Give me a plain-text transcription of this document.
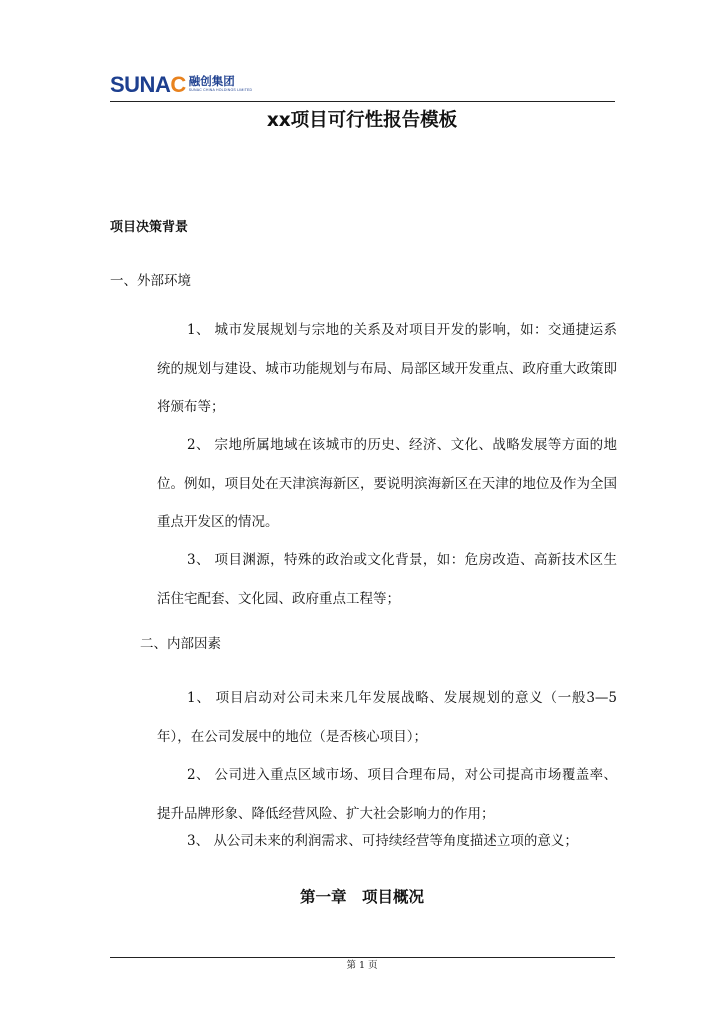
SUNAC 融创集团
SUNAC CHINA HOLDINGS LIMITED
xx项目可行性报告模板
项目决策背景
一、外部环境

1、 城市发展规划与宗地的关系及对项目开发的影响，如：交通捷运系统的规划与建设、城市功能规划与布局、局部区域开发重点、政府重大政策即将颁布等；

2、 宗地所属地域在该城市的历史、经济、文化、战略发展等方面的地位。例如，项目处在天津滨海新区，要说明滨海新区在天津的地位及作为全国重点开发区的情况。

3、 项目渊源，特殊的政治或文化背景，如：危房改造、高新技术区生活住宅配套、文化园、政府重点工程等；

二、内部因素

1、 项目启动对公司未来几年发展战略、发展规划的意义（一般3—5年），在公司发展中的地位（是否核心项目）；

2、 公司进入重点区域市场、项目合理布局，对公司提高市场覆盖率、提升品牌形象、降低经营风险、扩大社会影响力的作用；

3、 从公司未来的利润需求、可持续经营等角度描述立项的意义；

第一章　项目概况
第 1 页
